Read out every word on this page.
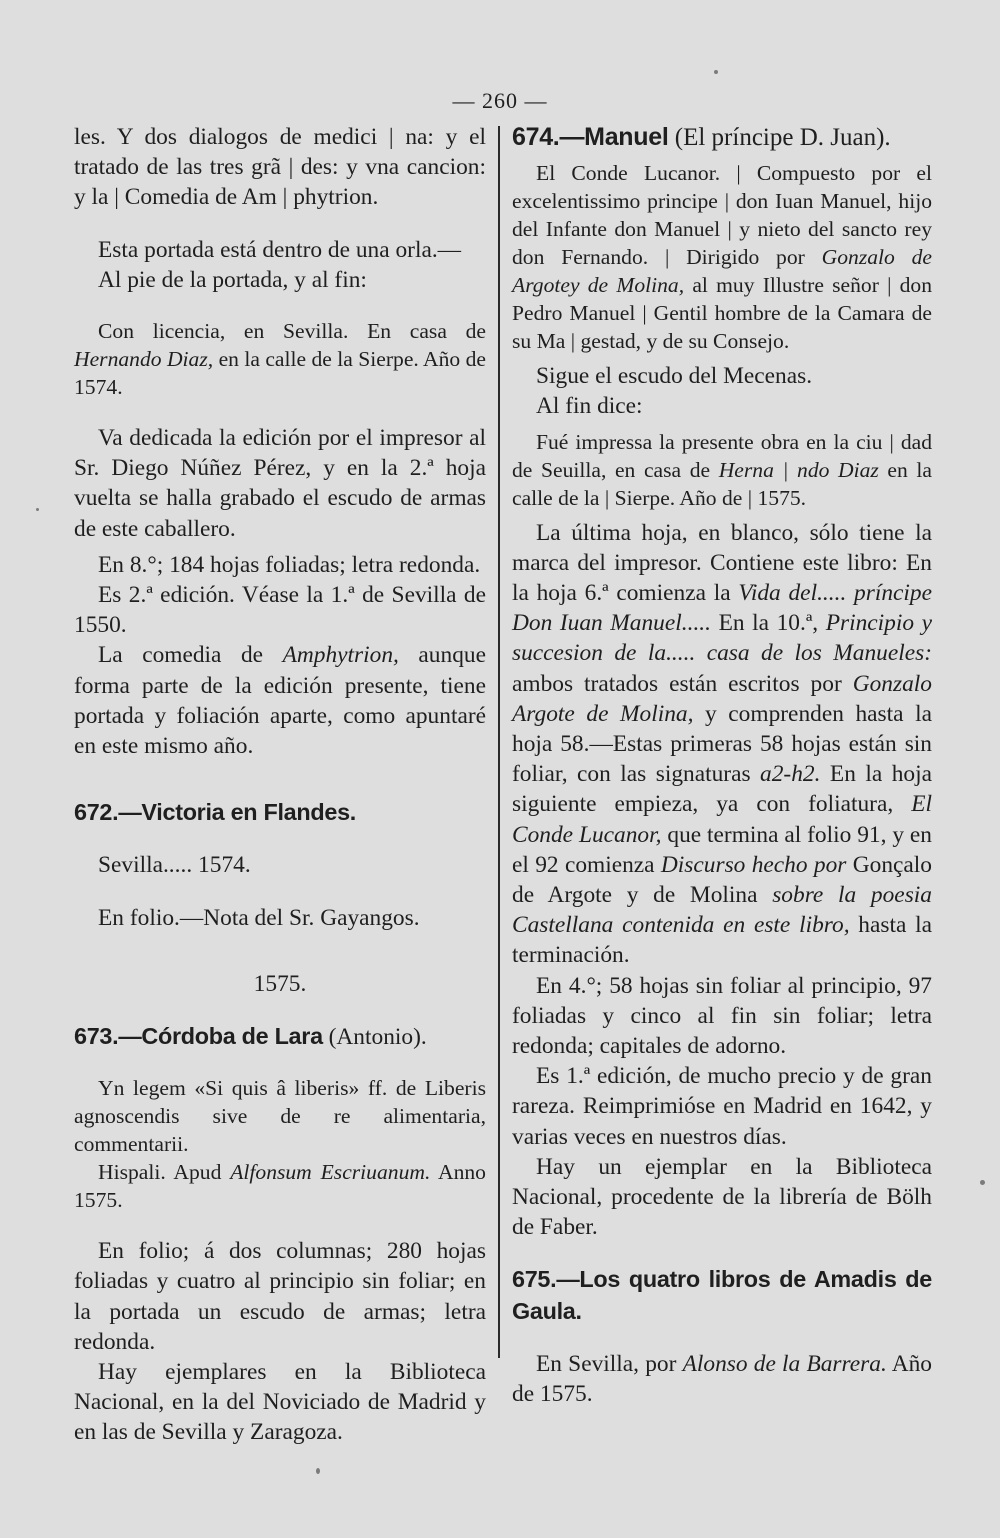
— 260 —

les. Y dos dialogos de medici | na: y el tratado de las tres grã | des: y vna cancion: y la | Comedia de Am | phytrion.

Esta portada está dentro de una orla.—

Al pie de la portada, y al fin:

Con licencia, en Sevilla. En casa de Hernando Diaz, en la calle de la Sierpe. Año de 1574.

Va dedicada la edición por el impresor al Sr. Diego Núñez Pérez, y en la 2.ª hoja vuelta se halla grabado el escudo de armas de este caballero.

En 8.°; 184 hojas foliadas; letra redonda.

Es 2.ª edición. Véase la 1.ª de Sevilla de 1550.

La comedia de Amphytrion, aunque forma parte de la edición presente, tiene portada y foliación aparte, como apuntaré en este mismo año.

672.—Victoria en Flandes.

Sevilla..... 1574.

En folio.—Nota del Sr. Gayangos.

1575.

673.—Córdoba de Lara (Antonio).

Yn legem «Si quis â liberis» ff. de Liberis agnoscendis sive de re alimentaria, commentarii.

Hispali. Apud Alfonsum Escriuanum. Anno 1575.

En folio; á dos columnas; 280 hojas foliadas y cuatro al principio sin foliar; en la portada un escudo de armas; letra redonda.

Hay ejemplares en la Biblioteca Nacional, en la del Noviciado de Madrid y en las de Sevilla y Zaragoza.

674.—Manuel (El príncipe D. Juan).

El Conde Lucanor. | Compuesto por el excelentissimo principe | don Iuan Manuel, hijo del Infante don Manuel | y nieto del sancto rey don Fernando. | Dirigido por Gonzalo de Argotey de Molina, al muy Illustre señor | don Pedro Manuel | Gentil hombre de la Camara de su Ma | gestad, y de su Consejo.

Sigue el escudo del Mecenas.

Al fin dice:

Fué impressa la presente obra en la ciu | dad de Seuilla, en casa de Herna | ndo Diaz en la calle de la | Sierpe. Año de | 1575.

La última hoja, en blanco, sólo tiene la marca del impresor. Contiene este libro: En la hoja 6.ª comienza la Vida del..... príncipe Don Iuan Manuel..... En la 10.ª, Principio y succesion de la..... casa de los Manueles: ambos tratados están escritos por Gonzalo Argote de Molina, y comprenden hasta la hoja 58.—Estas primeras 58 hojas están sin foliar, con las signaturas a2-h2. En la hoja siguiente empieza, ya con foliatura, El Conde Lucanor, que termina al folio 91, y en el 92 comienza Discurso hecho por Gonçalo de Argote y de Molina sobre la poesia Castellana contenida en este libro, hasta la terminación.

En 4.°; 58 hojas sin foliar al principio, 97 foliadas y cinco al fin sin foliar; letra redonda; capitales de adorno.

Es 1.ª edición, de mucho precio y de gran rareza. Reimprimióse en Madrid en 1642, y varias veces en nuestros días.

Hay un ejemplar en la Biblioteca Nacional, procedente de la librería de Bölh de Faber.

675.—Los quatro libros de Amadis de Gaula.

En Sevilla, por Alonso de la Barrera. Año de 1575.
